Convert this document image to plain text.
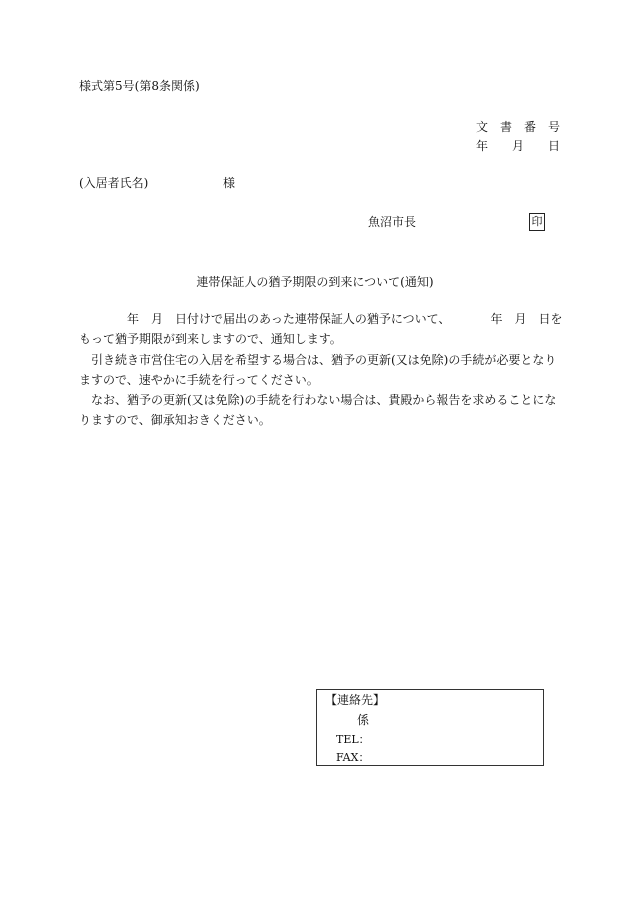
様式第5号(第8条関係)
文　書　番　号
年　　月　　日
(入居者氏名)	様
魚沼市長	印
連帯保証人の猶予期限の到来について(通知)

年 月 日付けで届出のあった連帯保証人の猶予について、	年 月 日を
もって猶予期限が到来しますので、通知します。

引き続き市営住宅の入居を希望する場合は、猶予の更新(又は免除)の手続が必要となり
ますので、速やかに手続を行ってください。

なお、猶予の更新(又は免除)の手続を行わない場合は、貴殿から報告を求めることにな
りますので、御承知おきください。

【連絡先】
係
TEL：
FAX：
